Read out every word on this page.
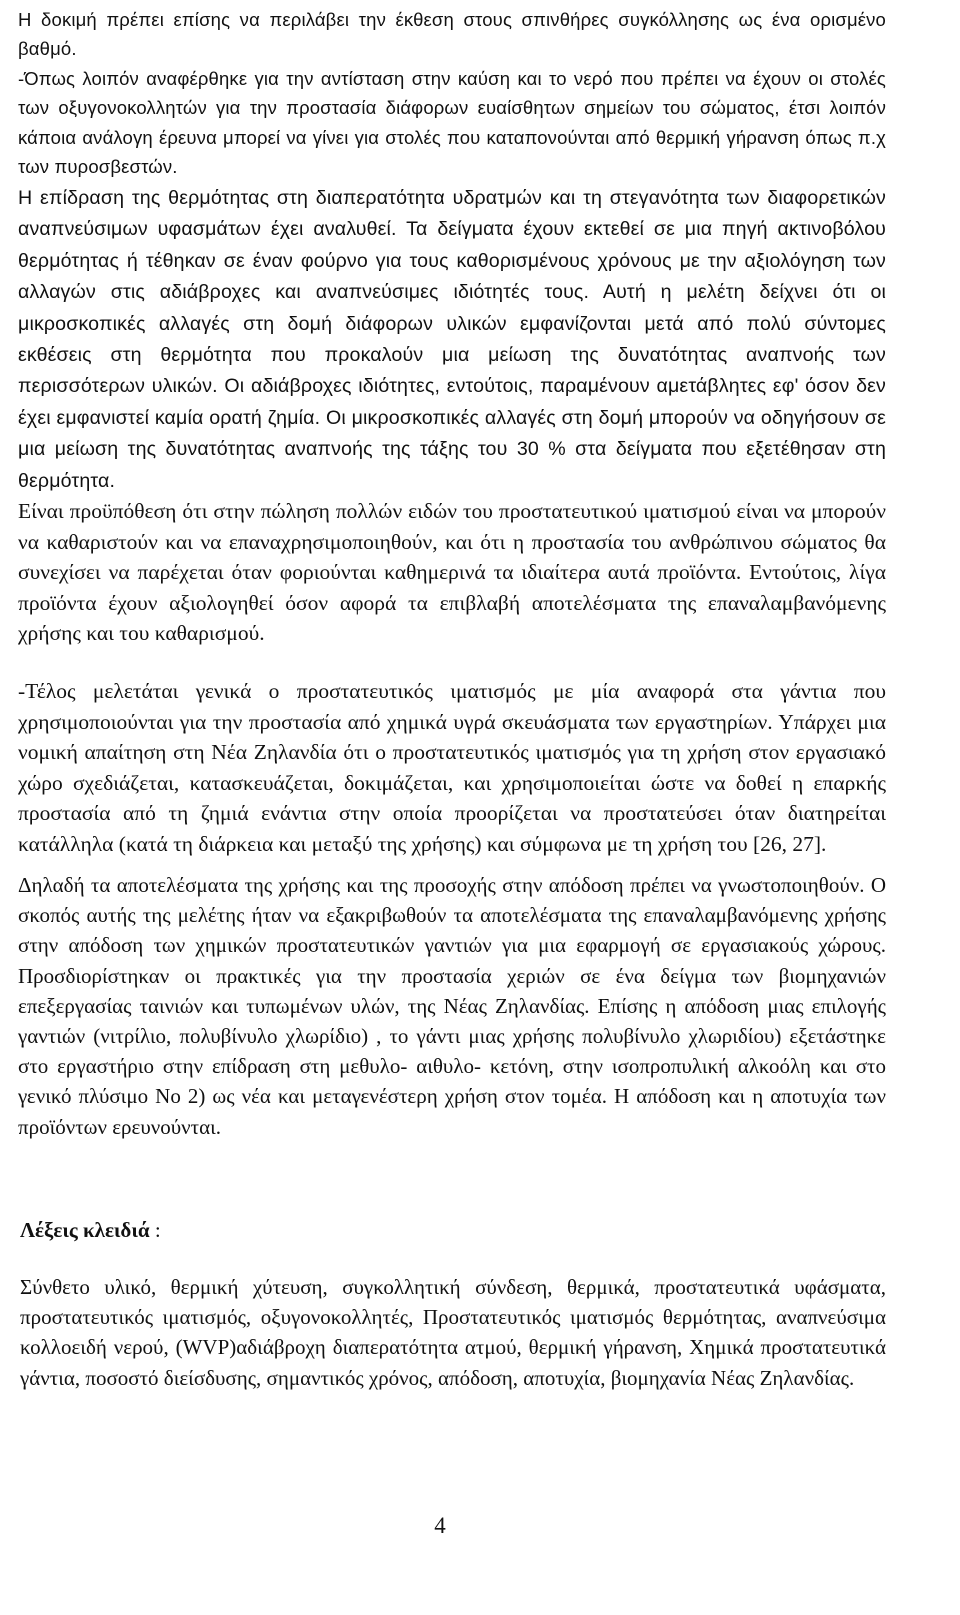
Η δοκιμή πρέπει επίσης να περιλάβει την έκθεση στους σπινθήρες συγκόλλησης ως ένα ορισμένο βαθμό.

-Όπως λοιπόν αναφέρθηκε για την αντίσταση στην καύση και το νερό που πρέπει να έχουν οι στολές των οξυγονοκολλητών για την προστασία διάφορων ευαίσθητων σημείων του σώματος, έτσι λοιπόν κάποια ανάλογη έρευνα μπορεί να γίνει για στολές που καταπονούνται από θερμική γήρανση όπως π.χ των πυροσβεστών.

Η επίδραση της θερμότητας στη διαπερατότητα υδρατμών και τη στεγανότητα των διαφορετικών αναπνεύσιμων υφασμάτων έχει αναλυθεί. Τα δείγματα έχουν εκτεθεί σε μια πηγή ακτινοβόλου θερμότητας ή τέθηκαν σε έναν φούρνο για τους καθορισμένους χρόνους με την αξιολόγηση των αλλαγών στις αδιάβροχες και αναπνεύσιμες ιδιότητές τους. Αυτή η μελέτη δείχνει ότι οι μικροσκοπικές αλλαγές στη δομή διάφορων υλικών εμφανίζονται μετά από πολύ σύντομες εκθέσεις στη θερμότητα που προκαλούν μια μείωση της δυνατότητας αναπνοής των περισσότερων υλικών. Οι αδιάβροχες ιδιότητες, εντούτοις, παραμένουν αμετάβλητες εφ' όσον δεν έχει εμφανιστεί καμία ορατή ζημία. Οι μικροσκοπικές αλλαγές στη δομή μπορούν να οδηγήσουν σε μια μείωση της δυνατότητας αναπνοής της τάξης του 30 % στα δείγματα που εξετέθησαν στη θερμότητα.

Είναι προϋπόθεση ότι στην πώληση πολλών ειδών του προστατευτικού ιματισμού είναι να μπορούν να καθαριστούν και να επαναχρησιμοποιηθούν, και ότι η προστασία του ανθρώπινου σώματος θα συνεχίσει να παρέχεται όταν φοριούνται καθημερινά τα ιδιαίτερα αυτά προϊόντα. Εντούτοις, λίγα προϊόντα έχουν αξιολογηθεί όσον αφορά τα επιβλαβή αποτελέσματα της επαναλαμβανόμενης χρήσης και του καθαρισμού.

-Τέλος μελετάται γενικά ο προστατευτικός ιματισμός με μία αναφορά στα γάντια που χρησιμοποιούνται για την προστασία από χημικά υγρά σκευάσματα των εργαστηρίων. Υπάρχει μια νομική απαίτηση στη Νέα Ζηλανδία ότι ο προστατευτικός ιματισμός για τη χρήση στον εργασιακό χώρο σχεδιάζεται, κατασκευάζεται, δοκιμάζεται, και χρησιμοποιείται ώστε να δοθεί η επαρκής προστασία από τη ζημιά ενάντια στην οποία προορίζεται να προστατεύσει όταν διατηρείται κατάλληλα (κατά τη διάρκεια και μεταξύ της χρήσης) και σύμφωνα με τη χρήση του [26, 27].

Δηλαδή τα αποτελέσματα της χρήσης και της προσοχής στην απόδοση πρέπει να γνωστοποιηθούν. Ο σκοπός αυτής της μελέτης ήταν να εξακριβωθούν τα αποτελέσματα της επαναλαμβανόμενης χρήσης στην απόδοση των χημικών προστατευτικών γαντιών για μια εφαρμογή σε εργασιακούς χώρους. Προσδιορίστηκαν οι πρακτικές για την προστασία χεριών σε ένα δείγμα των βιομηχανιών επεξεργασίας ταινιών και τυπωμένων υλών, της Νέας Ζηλανδίας. Επίσης η απόδοση μιας επιλογής γαντιών (νιτρίλιο, πολυβίνυλο χλωρίδιο) , το γάντι μιας χρήσης πολυβίνυλο χλωριδίου) εξετάστηκε στο εργαστήριο στην επίδραση στη μεθυλο- αιθυλο- κετόνη, στην ισοπροπυλική αλκοόλη και στο γενικό πλύσιμο Νο 2) ως νέα και μεταγενέστερη χρήση στον τομέα. Η απόδοση και η αποτυχία των προϊόντων ερευνούνται.

Λέξεις κλειδιά :

Σύνθετο υλικό, θερμική χύτευση, συγκολλητική σύνδεση, θερμικά, προστατευτικά υφάσματα, προστατευτικός ιματισμός, οξυγονοκολλητές, Προστατευτικός ιματισμός θερμότητας, αναπνεύσιμα κολλοειδή νερού, (WVP)αδιάβροχη διαπερατότητα ατμού, θερμική γήρανση, Χημικά προστατευτικά γάντια, ποσοστό διείσδυσης, σημαντικός χρόνος, απόδοση, αποτυχία, βιομηχανία Νέας Ζηλανδίας.

4
